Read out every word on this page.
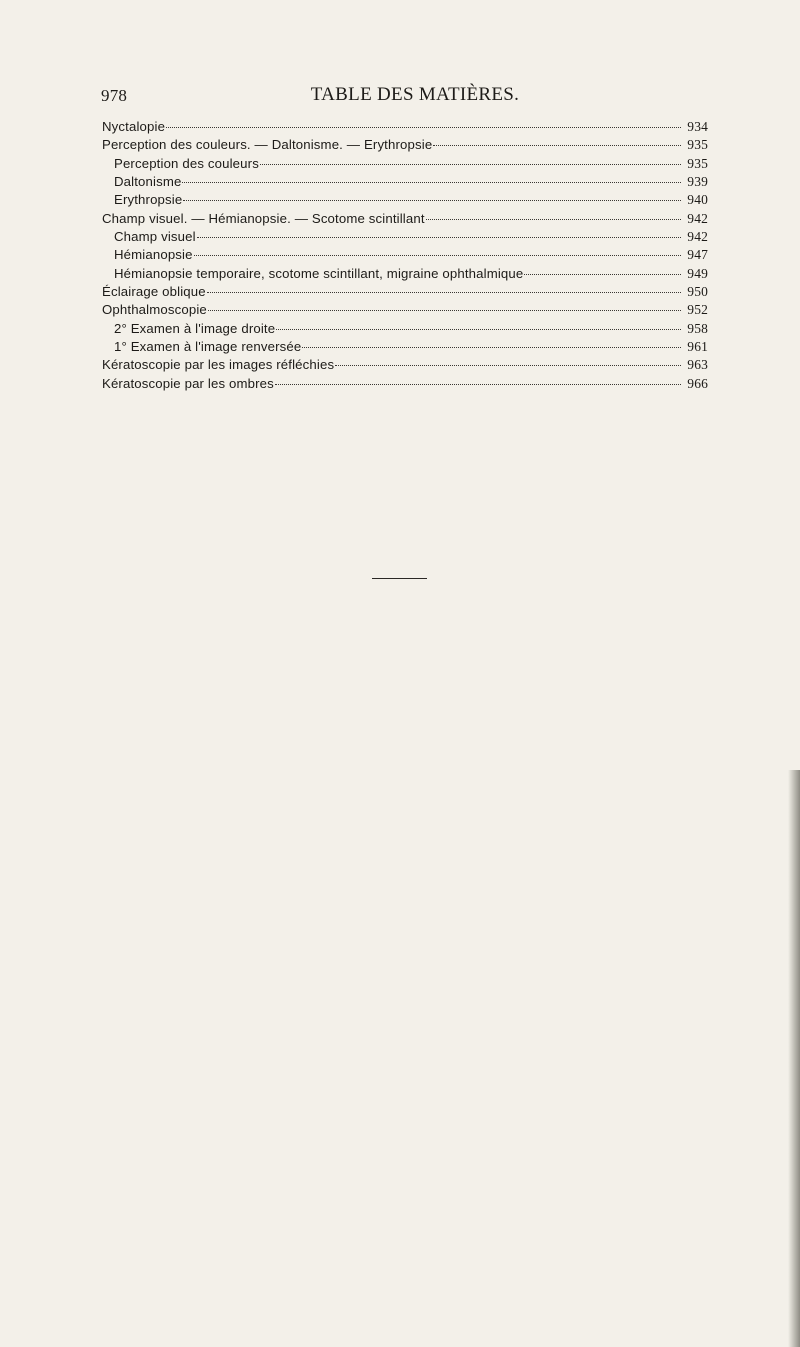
978	TABLE DES MATIÈRES.
Nyctalopie	934
Perception des couleurs. — Daltonisme. — Erythropsie	935
Perception des couleurs	935
Daltonisme	939
Erythropsie	940
Champ visuel. — Hémianopsie. — Scotome scintillant	942
Champ visuel	942
Hémianopsie	947
Hémianopsie temporaire, scotome scintillant, migraine ophthalmique	949
Éclairage oblique	950
Ophthalmoscopie	952
2° Examen à l'image droite	958
1° Examen à l'image renversée	961
Kératoscopie par les images réfléchies	963
Kératoscopie par les ombres	966
